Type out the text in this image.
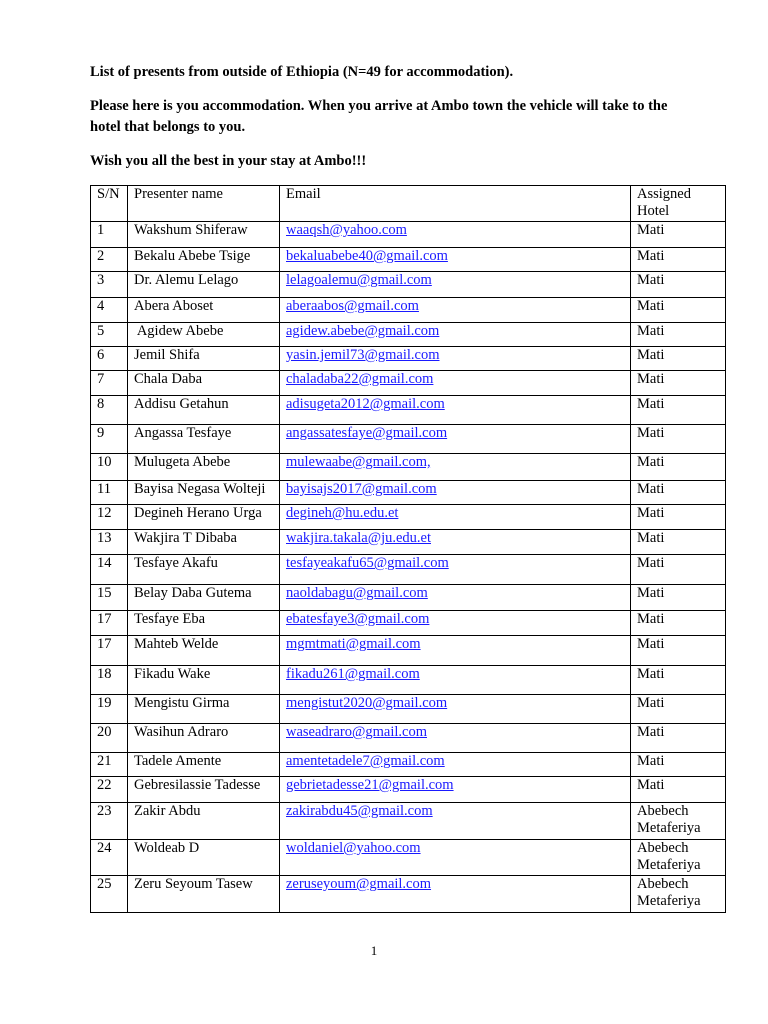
List of presents from outside of Ethiopia (N=49 for accommodation).
Please here is you accommodation. When you arrive at Ambo town the vehicle will take to the hotel that belongs to you.
Wish you all the best in your stay at Ambo!!!
S/N	Presenter name	Email	Assigned Hotel
1	Wakshum Shiferaw	waaqsh@yahoo.com	Mati
2	Bekalu Abebe Tsige	bekaluabebe40@gmail.com	Mati
3	Dr. Alemu Lelago	lelagoalemu@gmail.com	Mati
4	Abera Aboset	aberaabos@gmail.com	Mati
5	Agidew Abebe	agidew.abebe@gmail.com	Mati
6	Jemil Shifa	yasin.jemil73@gmail.com	Mati
7	Chala Daba	chaladaba22@gmail.com	Mati
8	Addisu Getahun	adisugeta2012@gmail.com	Mati
9	Angassa Tesfaye	angassatesfaye@gmail.com	Mati
10	Mulugeta Abebe	mulewaabe@gmail.com,	Mati
11	Bayisa Negasa Wolteji	bayisajs2017@gmail.com	Mati
12	Degineh Herano Urga	degineh@hu.edu.et	Mati
13	Wakjira T Dibaba	wakjira.takala@ju.edu.et	Mati
14	Tesfaye Akafu	tesfayeakafu65@gmail.com	Mati
15	Belay Daba Gutema	naoldabagu@gmail.com	Mati
17	Tesfaye Eba	ebatesfaye3@gmail.com	Mati
17	Mahteb Welde	mgmtmati@gmail.com	Mati
18	Fikadu Wake	fikadu261@gmail.com	Mati
19	Mengistu Girma	mengistut2020@gmail.com	Mati
20	Wasihun Adraro	waseadraro@gmail.com	Mati
21	Tadele Amente	amentetadele7@gmail.com	Mati
22	Gebresilassie Tadesse	gebrietadesse21@gmail.com	Mati
23	Zakir Abdu	zakirabdu45@gmail.com	Abebech Metaferiya
24	Woldeab D	woldaniel@yahoo.com	Abebech Metaferiya
25	Zeru Seyoum Tasew	zeruseyoum@gmail.com	Abebech Metaferiya
1
